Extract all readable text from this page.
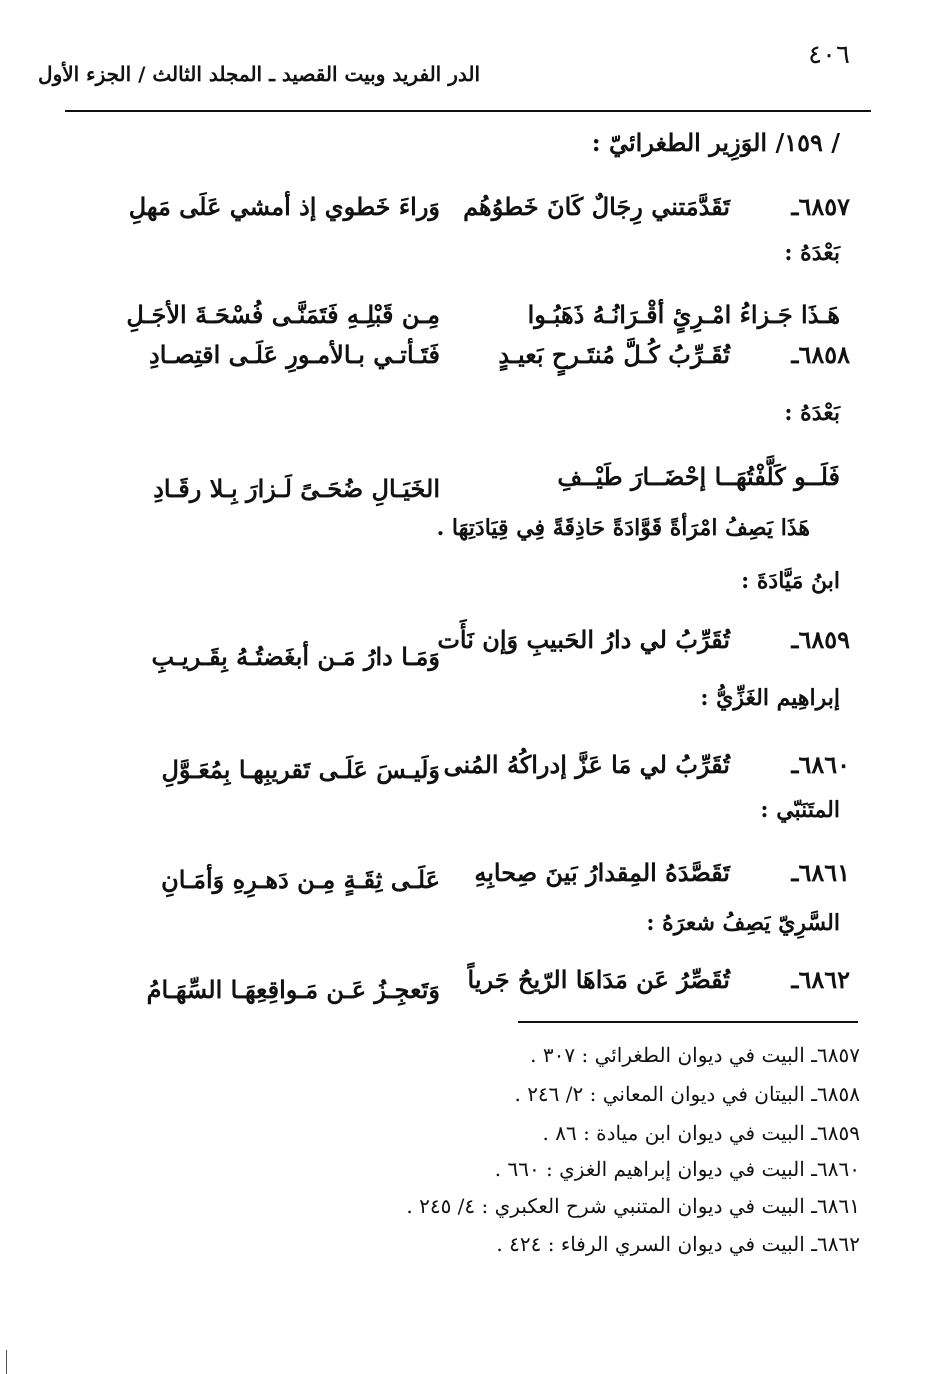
٤٠٦
الدر الفريد وبيت القصيد ـ المجلد الثالث / الجزء الأول
/ ١٥٩/ الوَزِير الطغرائيّ :
٦٨٥٧ـ
تَقَدَّمَتني رِجَالٌ كَانَ خَطوُهُم
وَراءَ خَطوي إذ أمشي عَلَى مَهلِ
بَعْدَهُ :
هَـذَا جَـزاءُ امْـرِئٍ أقْـرَانُـهُ ذَهَبُـوا
مِـن قَبْلِـهِ فَتَمَنَّـى فُسْحَـةَ الأجَـلِ
٦٨٥٨ـ
تُقَـرِّبُ كُـلَّ مُنتَـرحٍ بَعيـدٍ
فَتَـأتـي بـالأمـورِ عَلَـى اقتِصـادِ
بَعْدَهُ :
فَلَــو كَلَّفْتُهَــا إحْضَــارَ طَيْــفِ
الخَيَـالِ ضُحَـىً لَـزارَ بِـلا رقَـادِ
هَذَا يَصِفُ امْرَأةً قَوَّادَةً حَاذِقَةً فِي قِيَادَتِهَا .
ابنُ مَيَّادَةَ :
٦٨٥٩ـ
تُقَرِّبُ لي دارُ الحَبيبِ وَإن نَأَت
وَمَـا دارُ مَـن أبغَضتُـهُ بِقَـريـبِ
إبراهِيم الغَزِّيُّ :
٦٨٦٠ـ
تُقَرِّبُ لي مَا عَزَّ إدراكُهُ المُنى
وَلَيـسَ عَلَـى تَقريبِهـا بِمُعَـوَّلِ
المتَنَبّي :
٦٨٦١ـ
تَقَصَّدَهُ المِقدارُ بَينَ صِحابِهِ
عَلَـى ثِقَـةٍ مِـن دَهـرِهِ وَأمَـانِ
السَّرِيّ يَصِفُ شعرَهُ :
٦٨٦٢ـ
تُقَصِّرُ عَن مَدَاهَا الرّيحُ جَرياً
وَتَعجِـزُ عَـن مَـواقِعِهَـا السِّهَـامُ
٦٨٥٧ـ البيت في ديوان الطغرائي : ٣٠٧ .
٦٨٥٨ـ البيتان في ديوان المعاني : ٢/ ٢٤٦ .
٦٨٥٩ـ البيت في ديوان ابن ميادة : ٨٦ .
٦٨٦٠ـ البيت في ديوان إبراهيم الغزي : ٦٦٠ .
٦٨٦١ـ البيت في ديوان المتنبي شرح العكبري : ٤/ ٢٤٥ .
٦٨٦٢ـ البيت في ديوان السري الرفاء : ٤٢٤ .
